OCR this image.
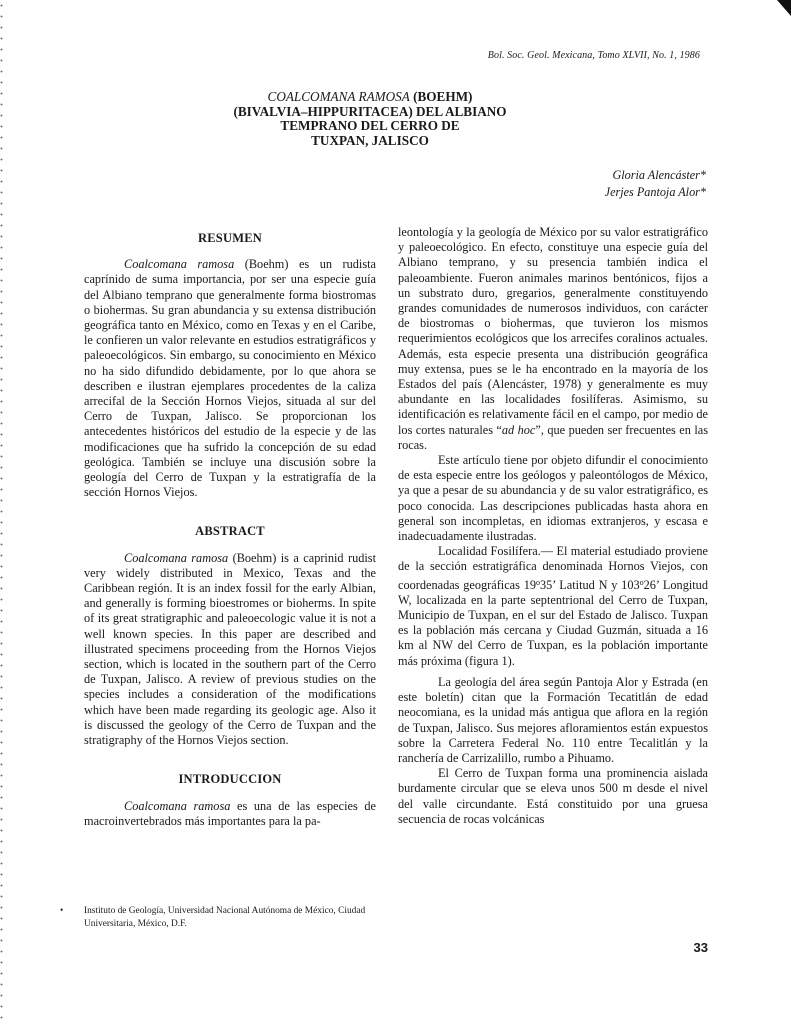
Bol. Soc. Geol. Mexicana, Tomo XLVII, No. 1, 1986
COALCOMANA RAMOSA (BOEHM)
(BIVALVIA–HIPPURITACEA) DEL ALBIANO
TEMPRANO DEL CERRO DE
TUXPAN, JALISCO
Gloria Alencáster*
Jerjes Pantoja Alor*
RESUMEN

Coalcomana ramosa (Boehm) es un rudista caprínido de suma importancia, por ser una especie guía del Albiano temprano que generalmente forma biostromas o biohermas. Su gran abundancia y su extensa distribución geográfica tanto en México, como en Texas y en el Caribe, le confieren un valor relevante en estudios estratigráficos y paleoecológicos. Sin embargo, su conocimiento en México no ha sido difundido debidamente, por lo que ahora se describen e ilustran ejemplares procedentes de la caliza arrecifal de la Sección Hornos Viejos, situada al sur del Cerro de Tuxpan, Jalisco. Se proporcionan los antecedentes históricos del estudio de la especie y de las modificaciones que ha sufrido la concepción de su edad geológica. También se incluye una discusión sobre la geología del Cerro de Tuxpan y la estratigrafía de la sección Hornos Viejos.

ABSTRACT

Coalcomana ramosa (Boehm) is a caprinid rudist very widely distributed in Mexico, Texas and the Caribbean región. It is an index fossil for the early Albian, and generally is forming bioestromes or bioherms. In spite of its great stratigraphic and paleoecologic value it is not a well known species. In this paper are described and illustrated specimens proceeding from the Hornos Viejos section, which is located in the southern part of the Cerro de Tuxpan, Jalisco. A review of previous studies on the species includes a consideration of the modifications which have been made regarding its geologic age. Also it is discussed the geology of the Cerro de Tuxpan and the stratigraphy of the Hornos Viejos section.

INTRODUCCION

Coalcomana ramosa es una de las especies de macroinvertebrados más importantes para la pa-

leontología y la geología de México por su valor estratigráfico y paleoecológico. En efecto, constituye una especie guía del Albiano temprano, y su presencia también indica el paleoambiente. Fueron animales marinos bentónicos, fijos a un substrato duro, gregarios, generalmente constituyendo grandes comunidades de numerosos individuos, con carácter de biostromas o biohermas, que tuvieron los mismos requerimientos ecológicos que los arrecifes coralinos actuales. Además, esta especie presenta una distribución geográfica muy extensa, pues se le ha encontrado en la mayoría de los Estados del país (Alencáster, 1978) y generalmente es muy abundante en las localidades fosilíferas. Asimismo, su identificación es relativamente fácil en el campo, por medio de los cortes naturales “ad hoc”, que pueden ser frecuentes en las rocas.

Este artículo tiene por objeto difundir el conocimiento de esta especie entre los geólogos y paleontólogos de México, ya que a pesar de su abundancia y de su valor estratigráfico, es poco conocida. Las descripciones publicadas hasta ahora en general son incompletas, en idiomas extranjeros, y escasa e inadecuadamente ilustradas.

Localidad Fosilífera.— El material estudiado proviene de la sección estratigráfica denominada Hornos Viejos, con coordenadas geográficas 19$^o$35’ Latitud N y 103$^o$26’ Longitud W, localizada en la parte septentrional del Cerro de Tuxpan, Municipio de Tuxpan, en el sur del Estado de Jalisco. Tuxpan es la población más cercana y Ciudad Guzmán, situada a 16 km al NW del Cerro de Tuxpan, es la población importante más próxima (figura 1).

La geología del área según Pantoja Alor y Estrada (en este boletín) citan que la Formación Tecatitlán de edad neocomiana, es la unidad más antigua que aflora en la región de Tuxpan, Jalisco. Sus mejores afloramientos están expuestos sobre la Carretera Federal No. 110 entre Tecalitlán y la ranchería de Carrizalillo, rumbo a Pihuamo.

El Cerro de Tuxpan forma una prominencia aislada burdamente circular que se eleva unos 500 m desde el nivel del valle circundante. Está constituido por una gruesa secuencia de rocas volcánicas

•	Instituto de Geología, Universidad Nacional Autónoma de México, Ciudad Universitaria, México, D.F.
33
